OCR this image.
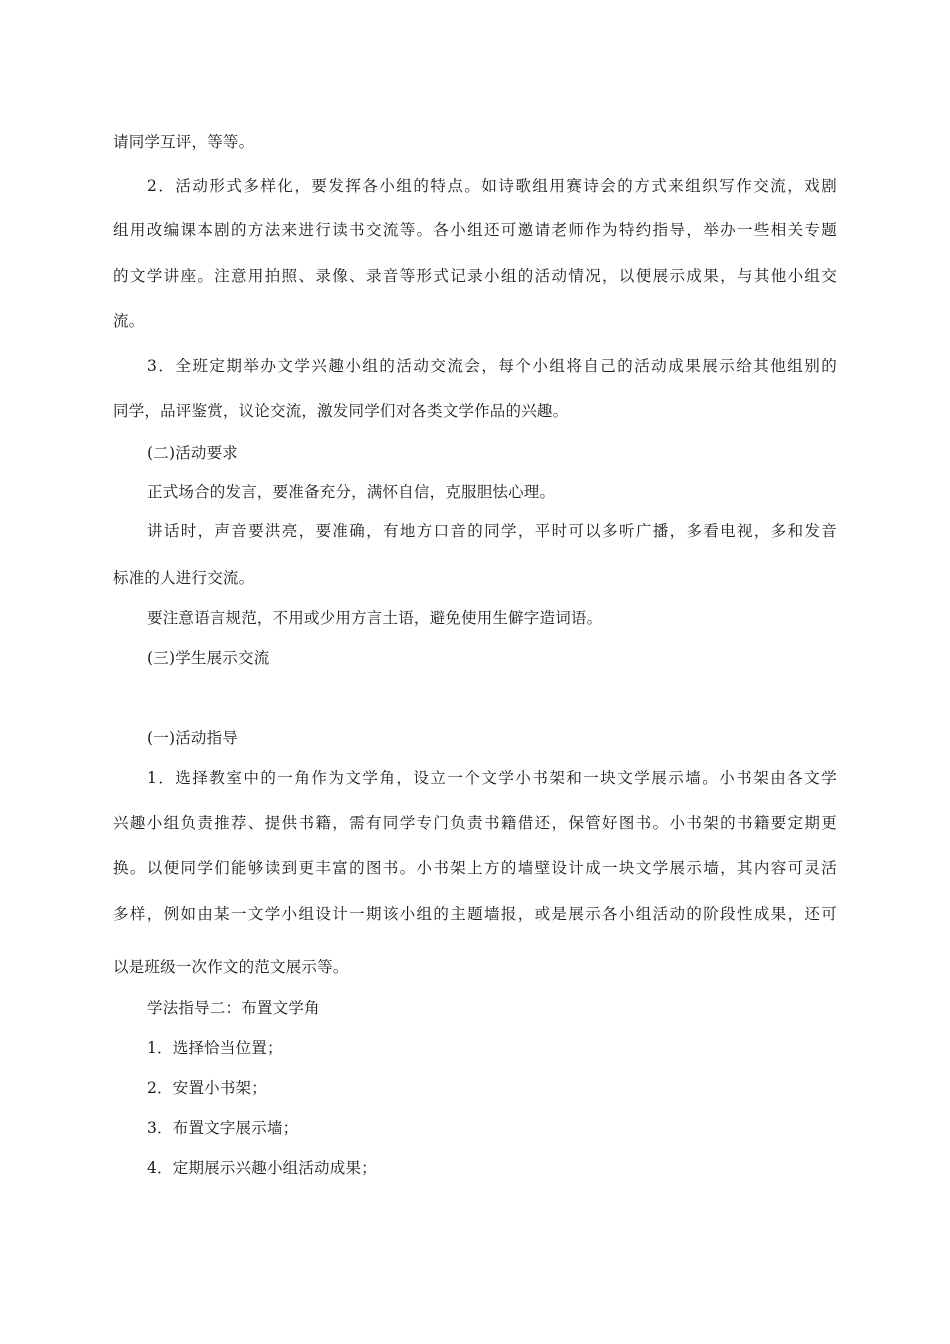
请同学互评，等等。
2．活动形式多样化，要发挥各小组的特点。如诗歌组用赛诗会的方式来组织写作交流，戏剧
组用改编课本剧的方法来进行读书交流等。各小组还可邀请老师作为特约指导，举办一些相关专题
的文学讲座。注意用拍照、录像、录音等形式记录小组的活动情况，以便展示成果，与其他小组交
流。
3．全班定期举办文学兴趣小组的活动交流会，每个小组将自己的活动成果展示给其他组别的
同学，品评鉴赏，议论交流，激发同学们对各类文学作品的兴趣。
(二)活动要求
正式场合的发言，要准备充分，满怀自信，克服胆怯心理。
讲话时，声音要洪亮，要准确，有地方口音的同学，平时可以多听广播，多看电视，多和发音
标准的人进行交流。
要注意语言规范，不用或少用方言土语，避免使用生僻字造词语。
(三)学生展示交流
(一)活动指导
1．选择教室中的一角作为文学角，设立一个文学小书架和一块文学展示墙。小书架由各文学
兴趣小组负责推荐、提供书籍，需有同学专门负责书籍借还，保管好图书。小书架的书籍要定期更
换。以便同学们能够读到更丰富的图书。小书架上方的墙壁设计成一块文学展示墙，其内容可灵活
多样，例如由某一文学小组设计一期该小组的主题墙报，或是展示各小组活动的阶段性成果，还可
以是班级一次作文的范文展示等。
学法指导二：布置文学角
1．选择恰当位置；
2．安置小书架；
3．布置文字展示墙；
4．定期展示兴趣小组活动成果；
